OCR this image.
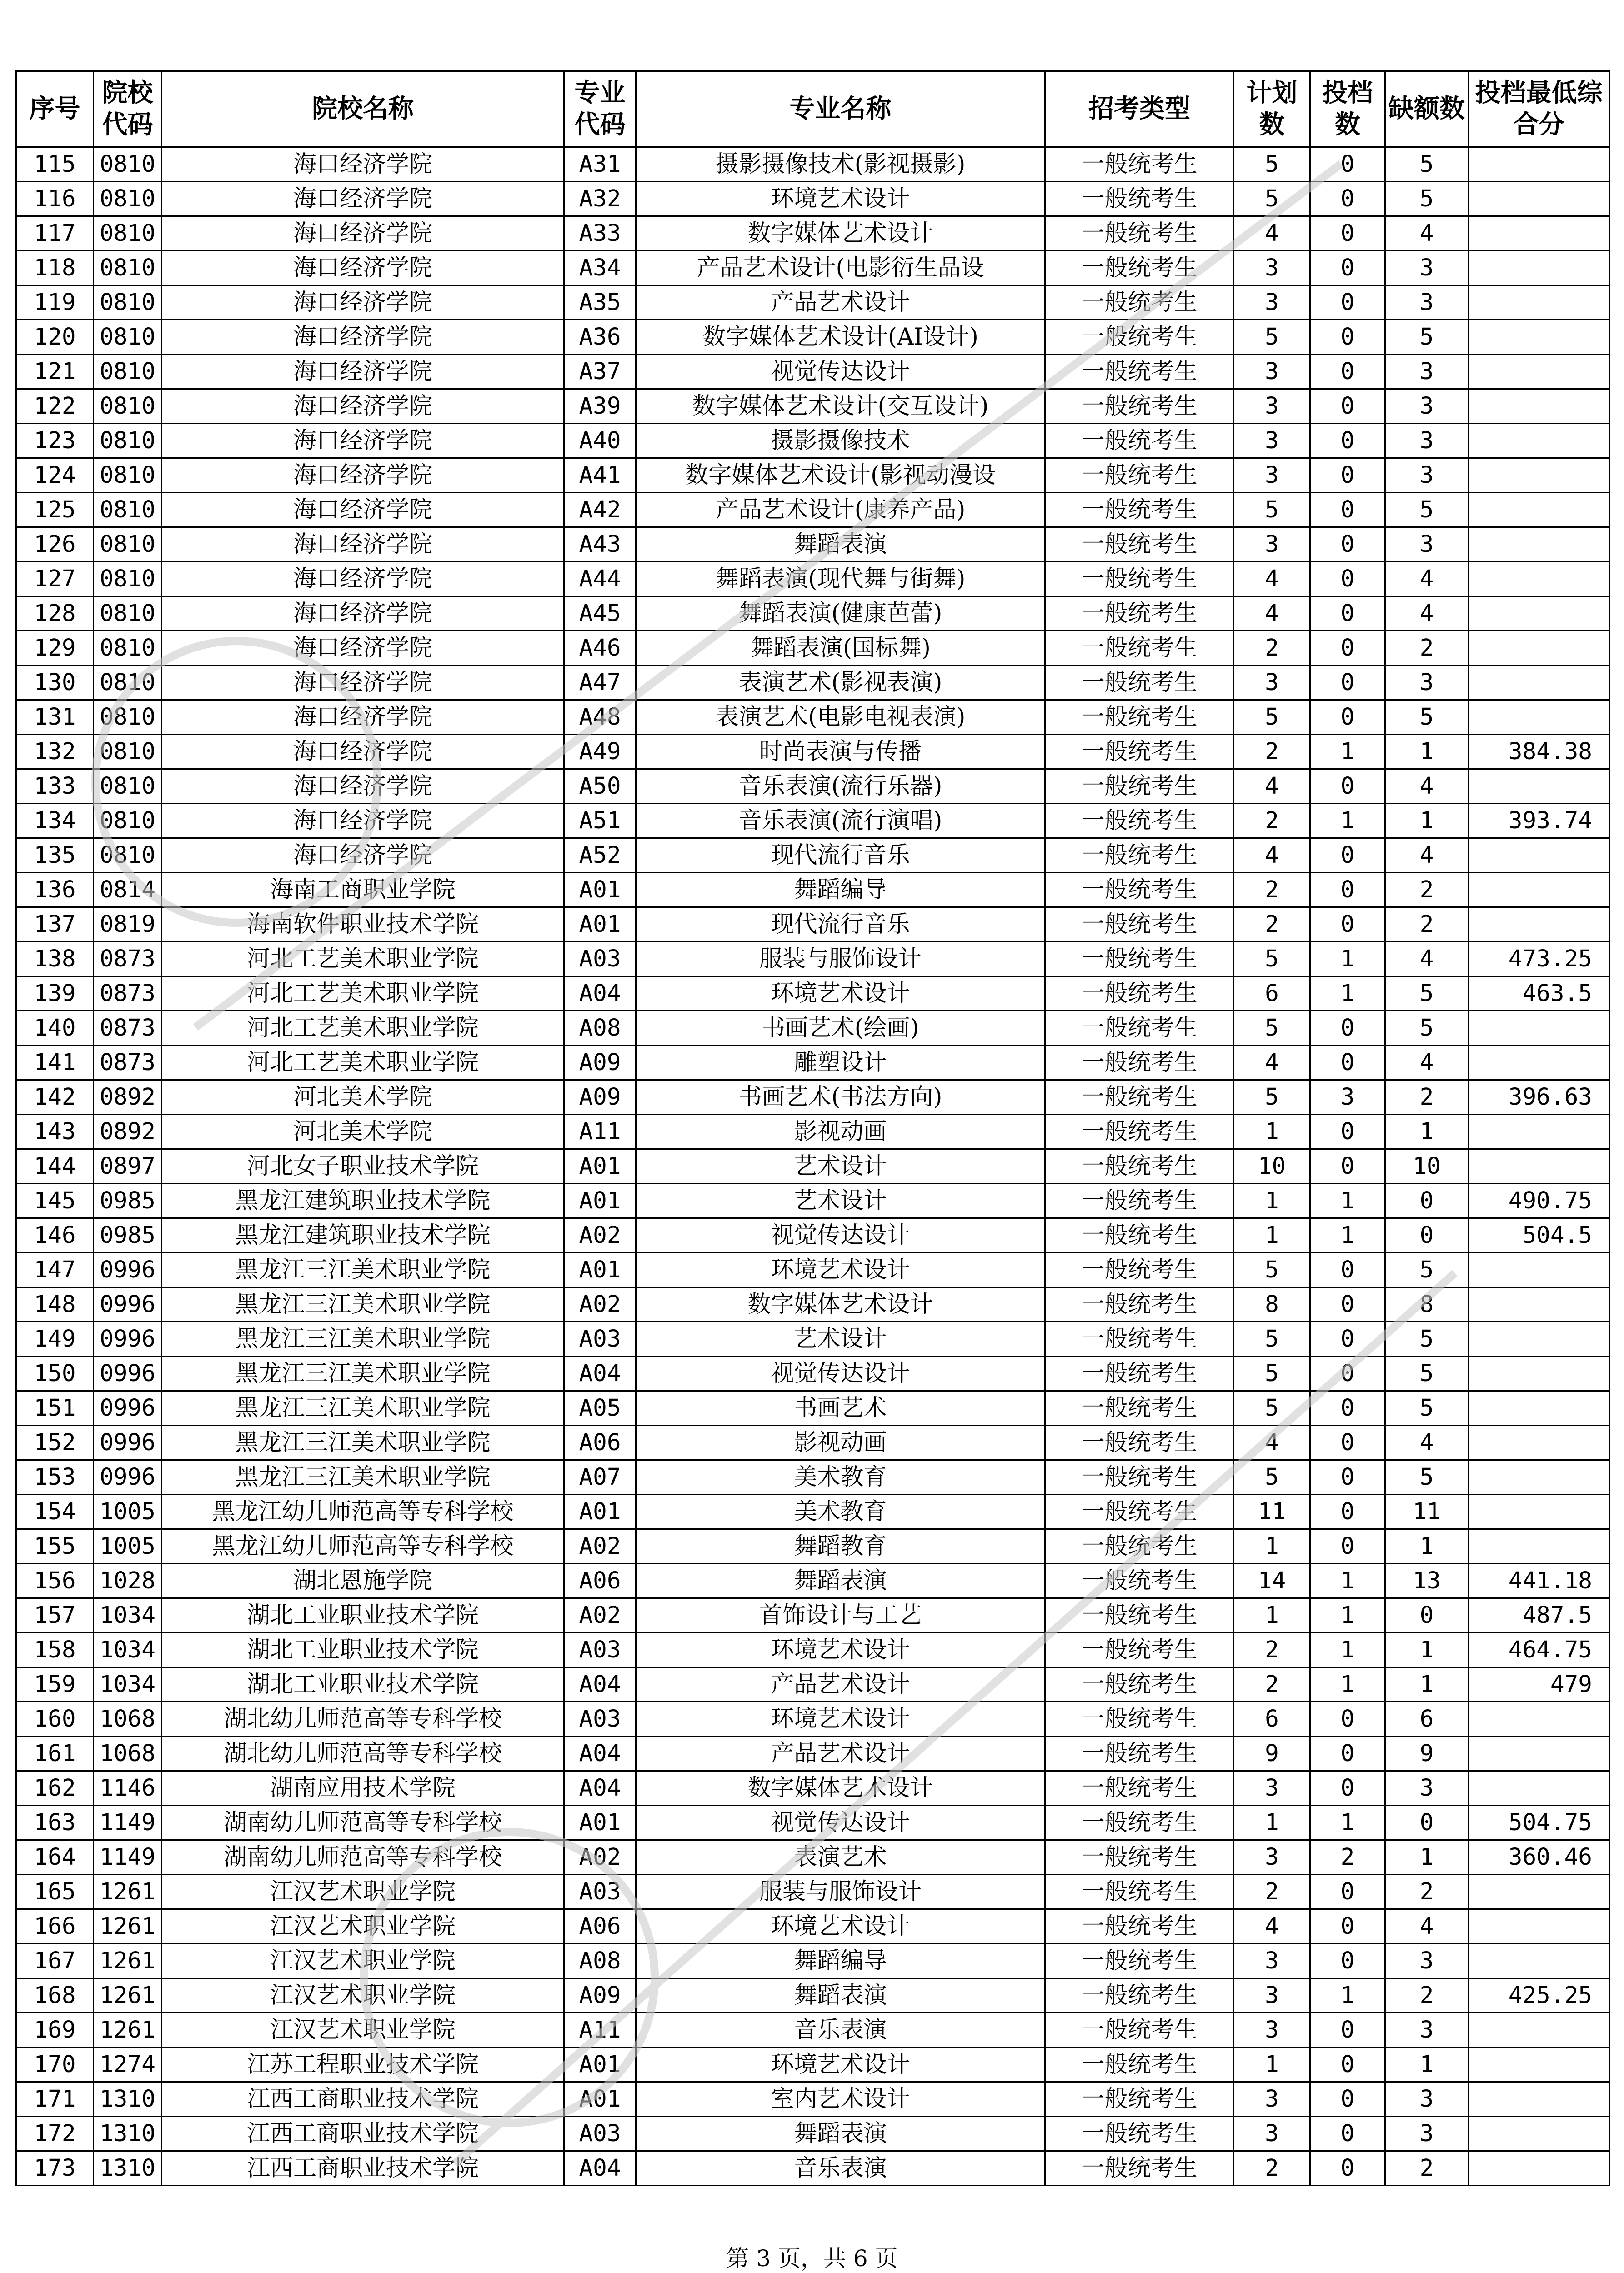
序号	院校代码	院校名称	专业代码	专业名称	招考类型	计划数	投档数	缺额数	投档最低综合分
115	0810	海口经济学院	A31	摄影摄像技术(影视摄影)	一般统考生	5	0	5	
116	0810	海口经济学院	A32	环境艺术设计	一般统考生	5	0	5	
117	0810	海口经济学院	A33	数字媒体艺术设计	一般统考生	4	0	4	
118	0810	海口经济学院	A34	产品艺术设计(电影衍生品设	一般统考生	3	0	3	
119	0810	海口经济学院	A35	产品艺术设计	一般统考生	3	0	3	
120	0810	海口经济学院	A36	数字媒体艺术设计(AI设计)	一般统考生	5	0	5	
121	0810	海口经济学院	A37	视觉传达设计	一般统考生	3	0	3	
122	0810	海口经济学院	A39	数字媒体艺术设计(交互设计)	一般统考生	3	0	3	
123	0810	海口经济学院	A40	摄影摄像技术	一般统考生	3	0	3	
124	0810	海口经济学院	A41	数字媒体艺术设计(影视动漫设	一般统考生	3	0	3	
125	0810	海口经济学院	A42	产品艺术设计(康养产品)	一般统考生	5	0	5	
126	0810	海口经济学院	A43	舞蹈表演	一般统考生	3	0	3	
127	0810	海口经济学院	A44	舞蹈表演(现代舞与街舞)	一般统考生	4	0	4	
128	0810	海口经济学院	A45	舞蹈表演(健康芭蕾)	一般统考生	4	0	4	
129	0810	海口经济学院	A46	舞蹈表演(国标舞)	一般统考生	2	0	2	
130	0810	海口经济学院	A47	表演艺术(影视表演)	一般统考生	3	0	3	
131	0810	海口经济学院	A48	表演艺术(电影电视表演)	一般统考生	5	0	5	
132	0810	海口经济学院	A49	时尚表演与传播	一般统考生	2	1	1	384.38
133	0810	海口经济学院	A50	音乐表演(流行乐器)	一般统考生	4	0	4	
134	0810	海口经济学院	A51	音乐表演(流行演唱)	一般统考生	2	1	1	393.74
135	0810	海口经济学院	A52	现代流行音乐	一般统考生	4	0	4	
136	0814	海南工商职业学院	A01	舞蹈编导	一般统考生	2	0	2	
137	0819	海南软件职业技术学院	A01	现代流行音乐	一般统考生	2	0	2	
138	0873	河北工艺美术职业学院	A03	服装与服饰设计	一般统考生	5	1	4	473.25
139	0873	河北工艺美术职业学院	A04	环境艺术设计	一般统考生	6	1	5	463.5
140	0873	河北工艺美术职业学院	A08	书画艺术(绘画)	一般统考生	5	0	5	
141	0873	河北工艺美术职业学院	A09	雕塑设计	一般统考生	4	0	4	
142	0892	河北美术学院	A09	书画艺术(书法方向)	一般统考生	5	3	2	396.63
143	0892	河北美术学院	A11	影视动画	一般统考生	1	0	1	
144	0897	河北女子职业技术学院	A01	艺术设计	一般统考生	10	0	10	
145	0985	黑龙江建筑职业技术学院	A01	艺术设计	一般统考生	1	1	0	490.75
146	0985	黑龙江建筑职业技术学院	A02	视觉传达设计	一般统考生	1	1	0	504.5
147	0996	黑龙江三江美术职业学院	A01	环境艺术设计	一般统考生	5	0	5	
148	0996	黑龙江三江美术职业学院	A02	数字媒体艺术设计	一般统考生	8	0	8	
149	0996	黑龙江三江美术职业学院	A03	艺术设计	一般统考生	5	0	5	
150	0996	黑龙江三江美术职业学院	A04	视觉传达设计	一般统考生	5	0	5	
151	0996	黑龙江三江美术职业学院	A05	书画艺术	一般统考生	5	0	5	
152	0996	黑龙江三江美术职业学院	A06	影视动画	一般统考生	4	0	4	
153	0996	黑龙江三江美术职业学院	A07	美术教育	一般统考生	5	0	5	
154	1005	黑龙江幼儿师范高等专科学校	A01	美术教育	一般统考生	11	0	11	
155	1005	黑龙江幼儿师范高等专科学校	A02	舞蹈教育	一般统考生	1	0	1	
156	1028	湖北恩施学院	A06	舞蹈表演	一般统考生	14	1	13	441.18
157	1034	湖北工业职业技术学院	A02	首饰设计与工艺	一般统考生	1	1	0	487.5
158	1034	湖北工业职业技术学院	A03	环境艺术设计	一般统考生	2	1	1	464.75
159	1034	湖北工业职业技术学院	A04	产品艺术设计	一般统考生	2	1	1	479
160	1068	湖北幼儿师范高等专科学校	A03	环境艺术设计	一般统考生	6	0	6	
161	1068	湖北幼儿师范高等专科学校	A04	产品艺术设计	一般统考生	9	0	9	
162	1146	湖南应用技术学院	A04	数字媒体艺术设计	一般统考生	3	0	3	
163	1149	湖南幼儿师范高等专科学校	A01	视觉传达设计	一般统考生	1	1	0	504.75
164	1149	湖南幼儿师范高等专科学校	A02	表演艺术	一般统考生	3	2	1	360.46
165	1261	江汉艺术职业学院	A03	服装与服饰设计	一般统考生	2	0	2	
166	1261	江汉艺术职业学院	A06	环境艺术设计	一般统考生	4	0	4	
167	1261	江汉艺术职业学院	A08	舞蹈编导	一般统考生	3	0	3	
168	1261	江汉艺术职业学院	A09	舞蹈表演	一般统考生	3	1	2	425.25
169	1261	江汉艺术职业学院	A11	音乐表演	一般统考生	3	0	3	
170	1274	江苏工程职业技术学院	A01	环境艺术设计	一般统考生	1	0	1	
171	1310	江西工商职业技术学院	A01	室内艺术设计	一般统考生	3	0	3	
172	1310	江西工商职业技术学院	A03	舞蹈表演	一般统考生	3	0	3	
173	1310	江西工商职业技术学院	A04	音乐表演	一般统考生	2	0	2	
第 3 页，共 6 页
